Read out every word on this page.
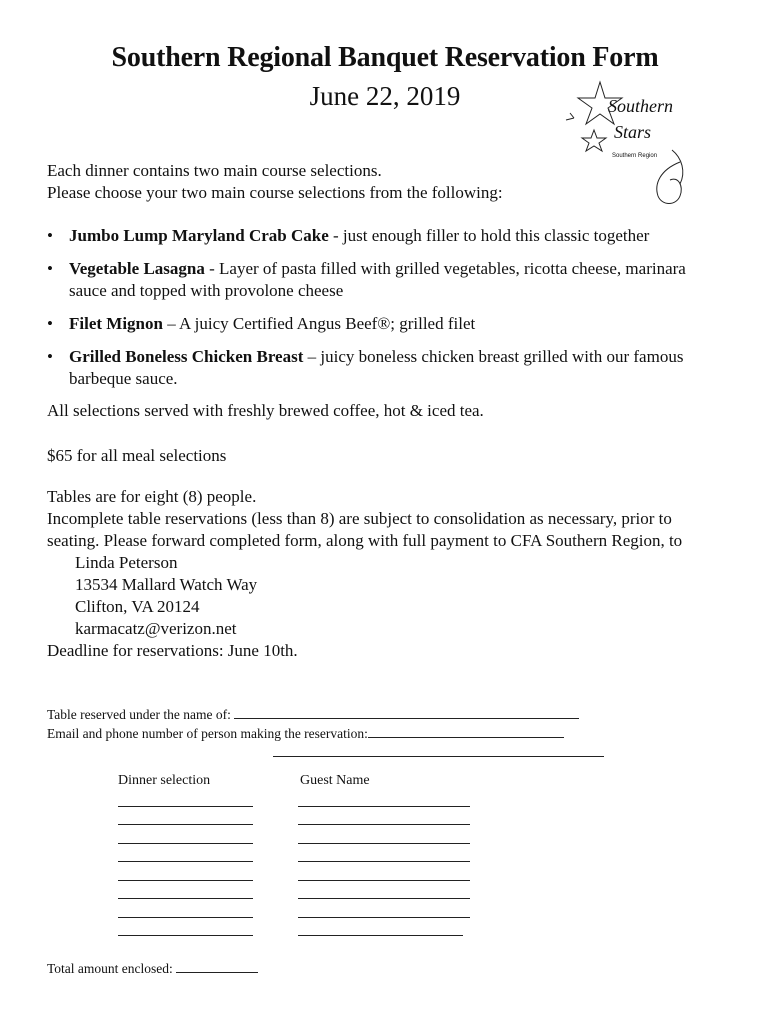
Southern Regional Banquet Reservation Form
June 22, 2019	Southern
Stars
Southern Region
Each dinner contains two main course selections.
Please choose your two main course selections from the following:
• Jumbo Lump Maryland Crab Cake - just enough filler to hold this classic together
• Vegetable Lasagna - Layer of pasta filled with grilled vegetables, ricotta cheese, marinara sauce and topped with provolone cheese
• Filet Mignon – A juicy Certified Angus Beef®; grilled filet
• Grilled Boneless Chicken Breast – juicy boneless chicken breast grilled with our famous barbeque sauce.
All selections served with freshly brewed coffee, hot & iced tea.
$65 for all meal selections
Tables are for eight (8) people.
Incomplete table reservations (less than 8) are subject to consolidation as necessary, prior to seating. Please forward completed form, along with full payment to CFA Southern Region, to
Linda Peterson
13534 Mallard Watch Way
Clifton, VA 20124
karmacatz@verizon.net
Deadline for reservations: June 10th.
Table reserved under the name of:
Email and phone number of person making the reservation:
Dinner selection	Guest Name
Total amount enclosed:
